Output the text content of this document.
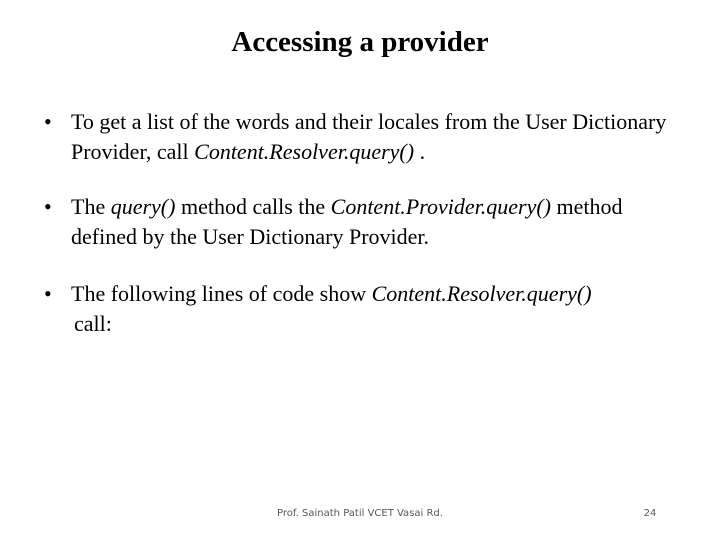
Accessing a provider
• To get a list of the words and their locales from the User Dictionary Provider, call Content.Resolver.query() .
• The query() method calls the Content.Provider.query() method defined by the User Dictionary Provider.
• The following lines of code show Content.Resolver.query()
call:
Prof. Sainath Patil VCET Vasai Rd.	24
